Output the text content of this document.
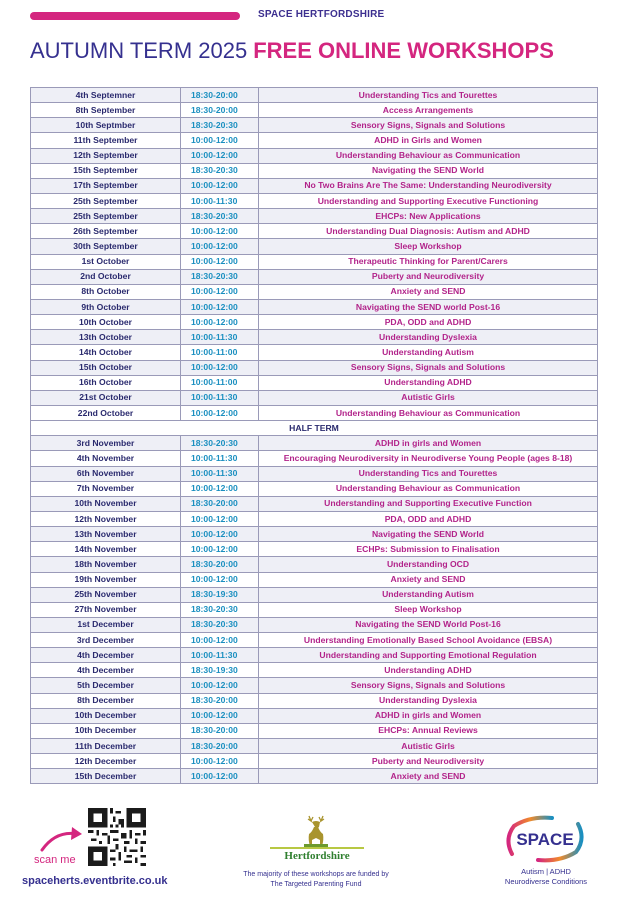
SPACE HERTFORDSHIRE
AUTUMN TERM 2025 FREE ONLINE WORKSHOPS
4th Septemner	18:30-20:00	Understanding Tics and Tourettes
8th September	18:30-20:00	Access Arrangements
10th Septmber	18:30-20:30	Sensory Signs, Signals and Solutions
11th September	10:00-12:00	ADHD in Girls and Women
12th September	10:00-12:00	Understanding Behaviour as Communication
15th September	18:30-20:30	Navigating the SEND World
17th September	10:00-12:00	No Two Brains Are The Same: Understanding Neurodiversity
25th September	10:00-11:30	Understanding and Supporting Executive Functioning
25th September	18:30-20:30	EHCPs: New Applications
26th September	10:00-12:00	Understanding Dual Diagnosis: Autism and ADHD
30th September	10:00-12:00	Sleep Workshop
1st October	10:00-12:00	Therapeutic Thinking for Parent/Carers
2nd October	18:30-20:30	Puberty and Neurodiversity
8th October	10:00-12:00	Anxiety and SEND
9th October	10:00-12:00	Navigating the SEND world Post-16
10th October	10:00-12:00	PDA, ODD and ADHD
13th October	10:00-11:30	Understanding Dyslexia
14th October	10:00-11:00	Understanding Autism
15th October	10:00-12:00	Sensory Signs, Signals and Solutions
16th October	10:00-11:00	Understanding ADHD
21st October	10:00-11:30	Autistic Girls
22nd October	10:00-12:00	Understanding Behaviour as Communication
HALF TERM		
3rd November	18:30-20:30	ADHD in girls and Women
4th November	10:00-11:30	Encouraging Neurodiversity in Neurodiverse Young People (ages 8-18)
6th November	10:00-11:30	Understanding Tics and Tourettes
7th November	10:00-12:00	Understanding Behaviour as Communication
10th November	18:30-20:00	Understanding and Supporting Executive Function
12th November	10:00-12:00	PDA, ODD and ADHD
13th November	10:00-12:00	Navigating the SEND World
14th November	10:00-12:00	ECHPs: Submission to Finalisation
18th November	18:30-20:00	Understanding OCD
19th November	10:00-12:00	Anxiety and SEND
25th November	18:30-19:30	Understanding Autism
27th November	18:30-20:30	Sleep Workshop
1st December	18:30-20:30	Navigating the SEND World Post-16
3rd December	10:00-12:00	Understanding Emotionally Based School Avoidance (EBSA)
4th December	10:00-11:30	Understanding and Supporting Emotional Regulation
4th December	18:30-19:30	Understanding ADHD
5th December	10:00-12:00	Sensory Signs, Signals and Solutions
8th December	18:30-20:00	Understanding Dyslexia
10th December	10:00-12:00	ADHD in girls and Women
10th December	18:30-20:00	EHCPs: Annual Reviews
11th December	18:30-20:00	Autistic Girls
12th December	10:00-12:00	Puberty and Neurodiversity
15th December	10:00-12:00	Anxiety and SEND
scan me
spaceherts.eventbrite.co.uk
Hertfordshire
The majority of these workshops are funded by
The Targeted Parenting Fund
SPACE
Autism | ADHD
Neurodiverse Conditions
